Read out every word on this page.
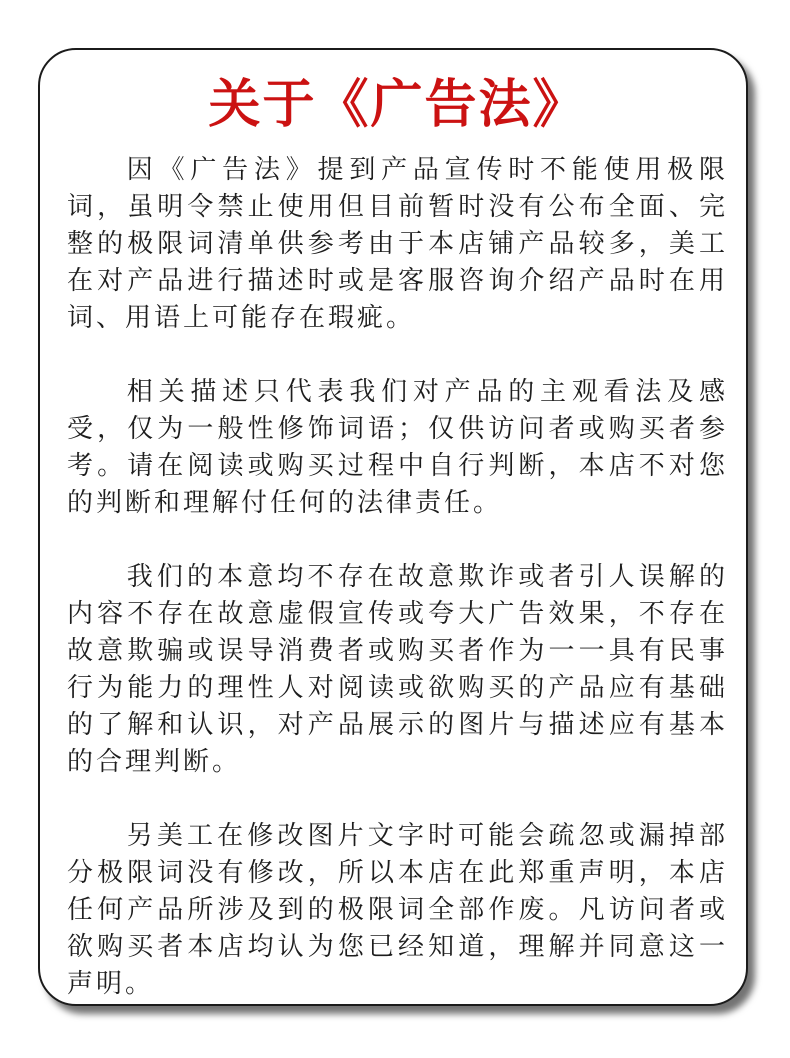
关于《广告法》

因《广告法》提到产品宣传时不能使用极限词，虽明令禁止使用但目前暂时没有公布全面、完整的极限词清单供参考由于本店铺产品较多，美工在对产品进行描述时或是客服咨询介绍产品时在用词、用语上可能存在瑕疵。

相关描述只代表我们对产品的主观看法及感受，仅为一般性修饰词语；仅供访问者或购买者参考。请在阅读或购买过程中自行判断，本店不对您的判断和理解付任何的法律责任。

我们的本意均不存在故意欺诈或者引人误解的内容不存在故意虚假宣传或夸大广告效果，不存在故意欺骗或误导消费者或购买者作为一一具有民事行为能力的理性人对阅读或欲购买的产品应有基础的了解和认识，对产品展示的图片与描述应有基本的合理判断。

另美工在修改图片文字时可能会疏忽或漏掉部分极限词没有修改，所以本店在此郑重声明，本店任何产品所涉及到的极限词全部作废。凡访问者或欲购买者本店均认为您已经知道，理解并同意这一声明。
